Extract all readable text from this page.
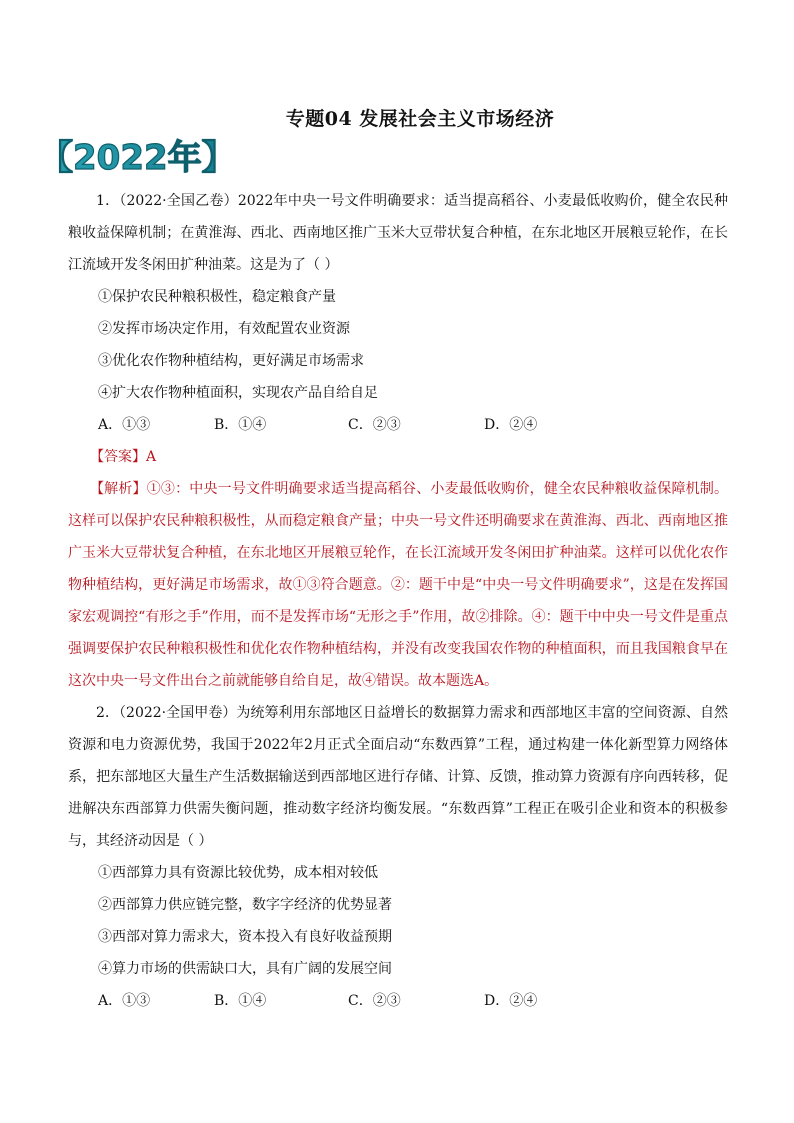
专题04 发展社会主义市场经济
【2022年】

1．（2022·全国乙卷）2022年中央一号文件明确要求：适当提高稻谷、小麦最低收购价，健全农民种粮收益保障机制；在黄淮海、西北、西南地区推广玉米大豆带状复合种植，在东北地区开展粮豆轮作，在长江流域开发冬闲田扩种油菜。这是为了（ ）

①保护农民种粮积极性，稳定粮食产量

②发挥市场决定作用，有效配置农业资源

③优化农作物种植结构，更好满足市场需求

④扩大农作物种植面积，实现农产品自给自足

A．①③	B．①④	C．②③	D．②④

【答案】A

【解析】①③：中央一号文件明确要求适当提高稻谷、小麦最低收购价，健全农民种粮收益保障机制。这样可以保护农民种粮积极性，从而稳定粮食产量；中央一号文件还明确要求在黄淮海、西北、西南地区推广玉米大豆带状复合种植，在东北地区开展粮豆轮作，在长江流域开发冬闲田扩种油菜。这样可以优化农作物种植结构，更好满足市场需求，故①③符合题意。②：题干中是“中央一号文件明确要求”，这是在发挥国家宏观调控“有形之手”作用，而不是发挥市场“无形之手”作用，故②排除。④：题干中中央一号文件是重点强调要保护农民种粮积极性和优化农作物种植结构，并没有改变我国农作物的种植面积，而且我国粮食早在这次中央一号文件出台之前就能够自给自足，故④错误。故本题选A。

2．（2022·全国甲卷）为统筹利用东部地区日益增长的数据算力需求和西部地区丰富的空间资源、自然资源和电力资源优势，我国于2022年2月正式全面启动“东数西算”工程，通过构建一体化新型算力网络体系，把东部地区大量生产生活数据输送到西部地区进行存储、计算、反馈，推动算力资源有序向西转移，促进解决东西部算力供需失衡问题，推动数字经济均衡发展。“东数西算”工程正在吸引企业和资本的积极参与，其经济动因是（ ）

①西部算力具有资源比较优势，成本相对较低

②西部算力供应链完整，数字字经济的优势显著

③西部对算力需求大，资本投入有良好收益预期

④算力市场的供需缺口大，具有广阔的发展空间

A．①③	B．①④	C．②③	D．②④
